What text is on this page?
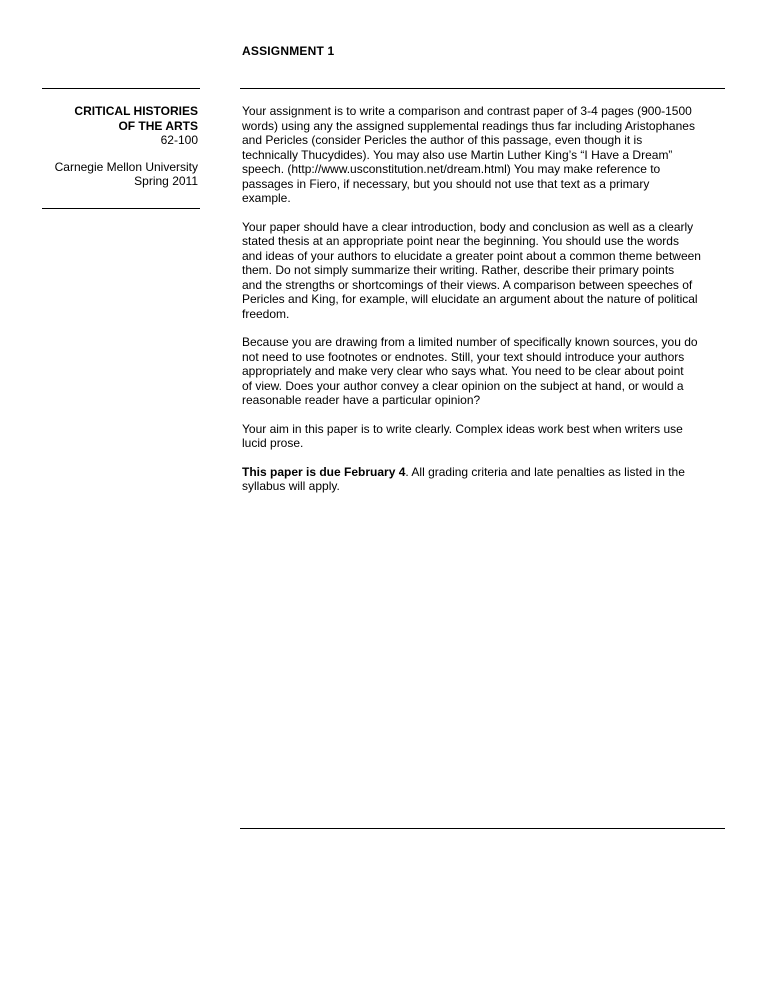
ASSIGNMENT 1
CRITICAL HISTORIES
OF THE ARTS
62-100
Carnegie Mellon University
Spring 2011

Your assignment is to write a comparison and contrast paper of 3-4 pages (900-1500
words) using any the assigned supplemental readings thus far including Aristophanes
and Pericles (consider Pericles the author of this passage, even though it is
technically Thucydides). You may also use Martin Luther King’s “I Have a Dream”
speech. (http://www.usconstitution.net/dream.html) You may make reference to
passages in Fiero, if necessary, but you should not use that text as a primary
example.

Your paper should have a clear introduction, body and conclusion as well as a clearly
stated thesis at an appropriate point near the beginning. You should use the words
and ideas of your authors to elucidate a greater point about a common theme between
them. Do not simply summarize their writing. Rather, describe their primary points
and the strengths or shortcomings of their views. A comparison between speeches of
Pericles and King, for example, will elucidate an argument about the nature of political
freedom.

Because you are drawing from a limited number of specifically known sources, you do
not need to use footnotes or endnotes. Still, your text should introduce your authors
appropriately and make very clear who says what. You need to be clear about point
of view. Does your author convey a clear opinion on the subject at hand, or would a
reasonable reader have a particular opinion?

Your aim in this paper is to write clearly. Complex ideas work best when writers use
lucid prose.

This paper is due February 4. All grading criteria and late penalties as listed in the
syllabus will apply.
